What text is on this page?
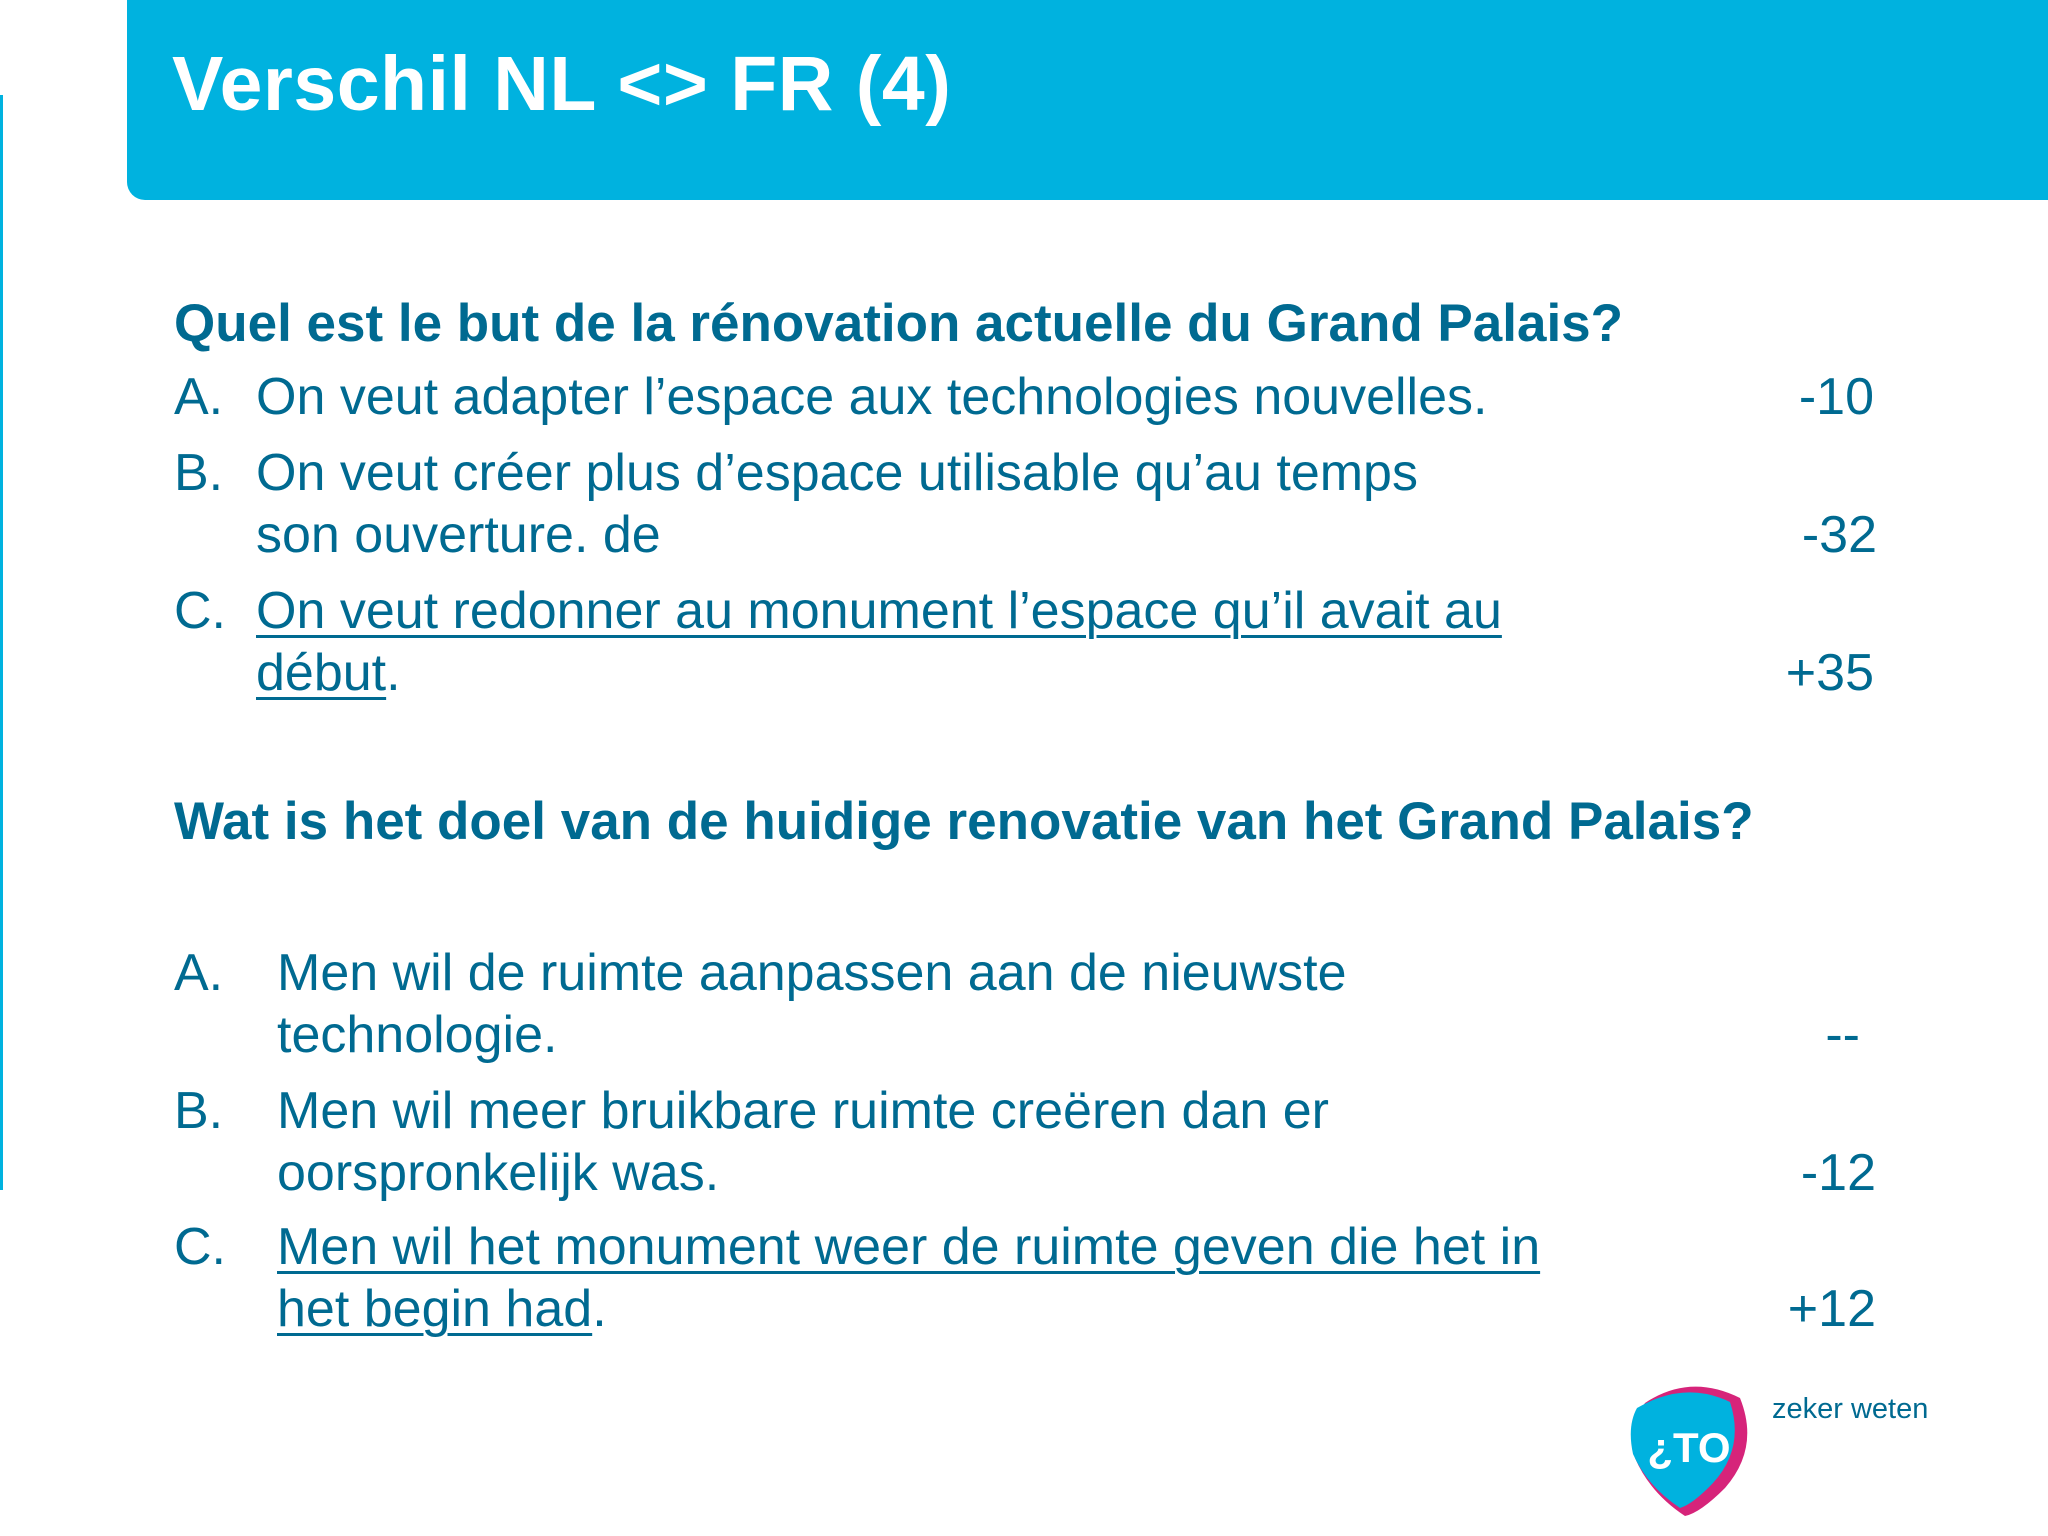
Verschil NL <> FR (4)

Quel est le but de la rénovation actuelle du Grand Palais?

A. On veut adapter l’espace aux technologies nouvelles.	-10
B. On veut créer plus d’espace utilisable qu’au temps
son ouverture. de	-32
C. On veut redonner au monument l’espace qu’il avait au
début.	+35

Wat is het doel van de huidige renovatie van het Grand Palais?

A. Men wil de ruimte aanpassen aan de nieuwste
technologie.	--
B. Men wil meer bruikbare ruimte creëren dan er
oorspronkelijk was.	-12
C. Men wil het monument weer de ruimte geven die het in
het begin had.	+12
¿TO
zeker weten
